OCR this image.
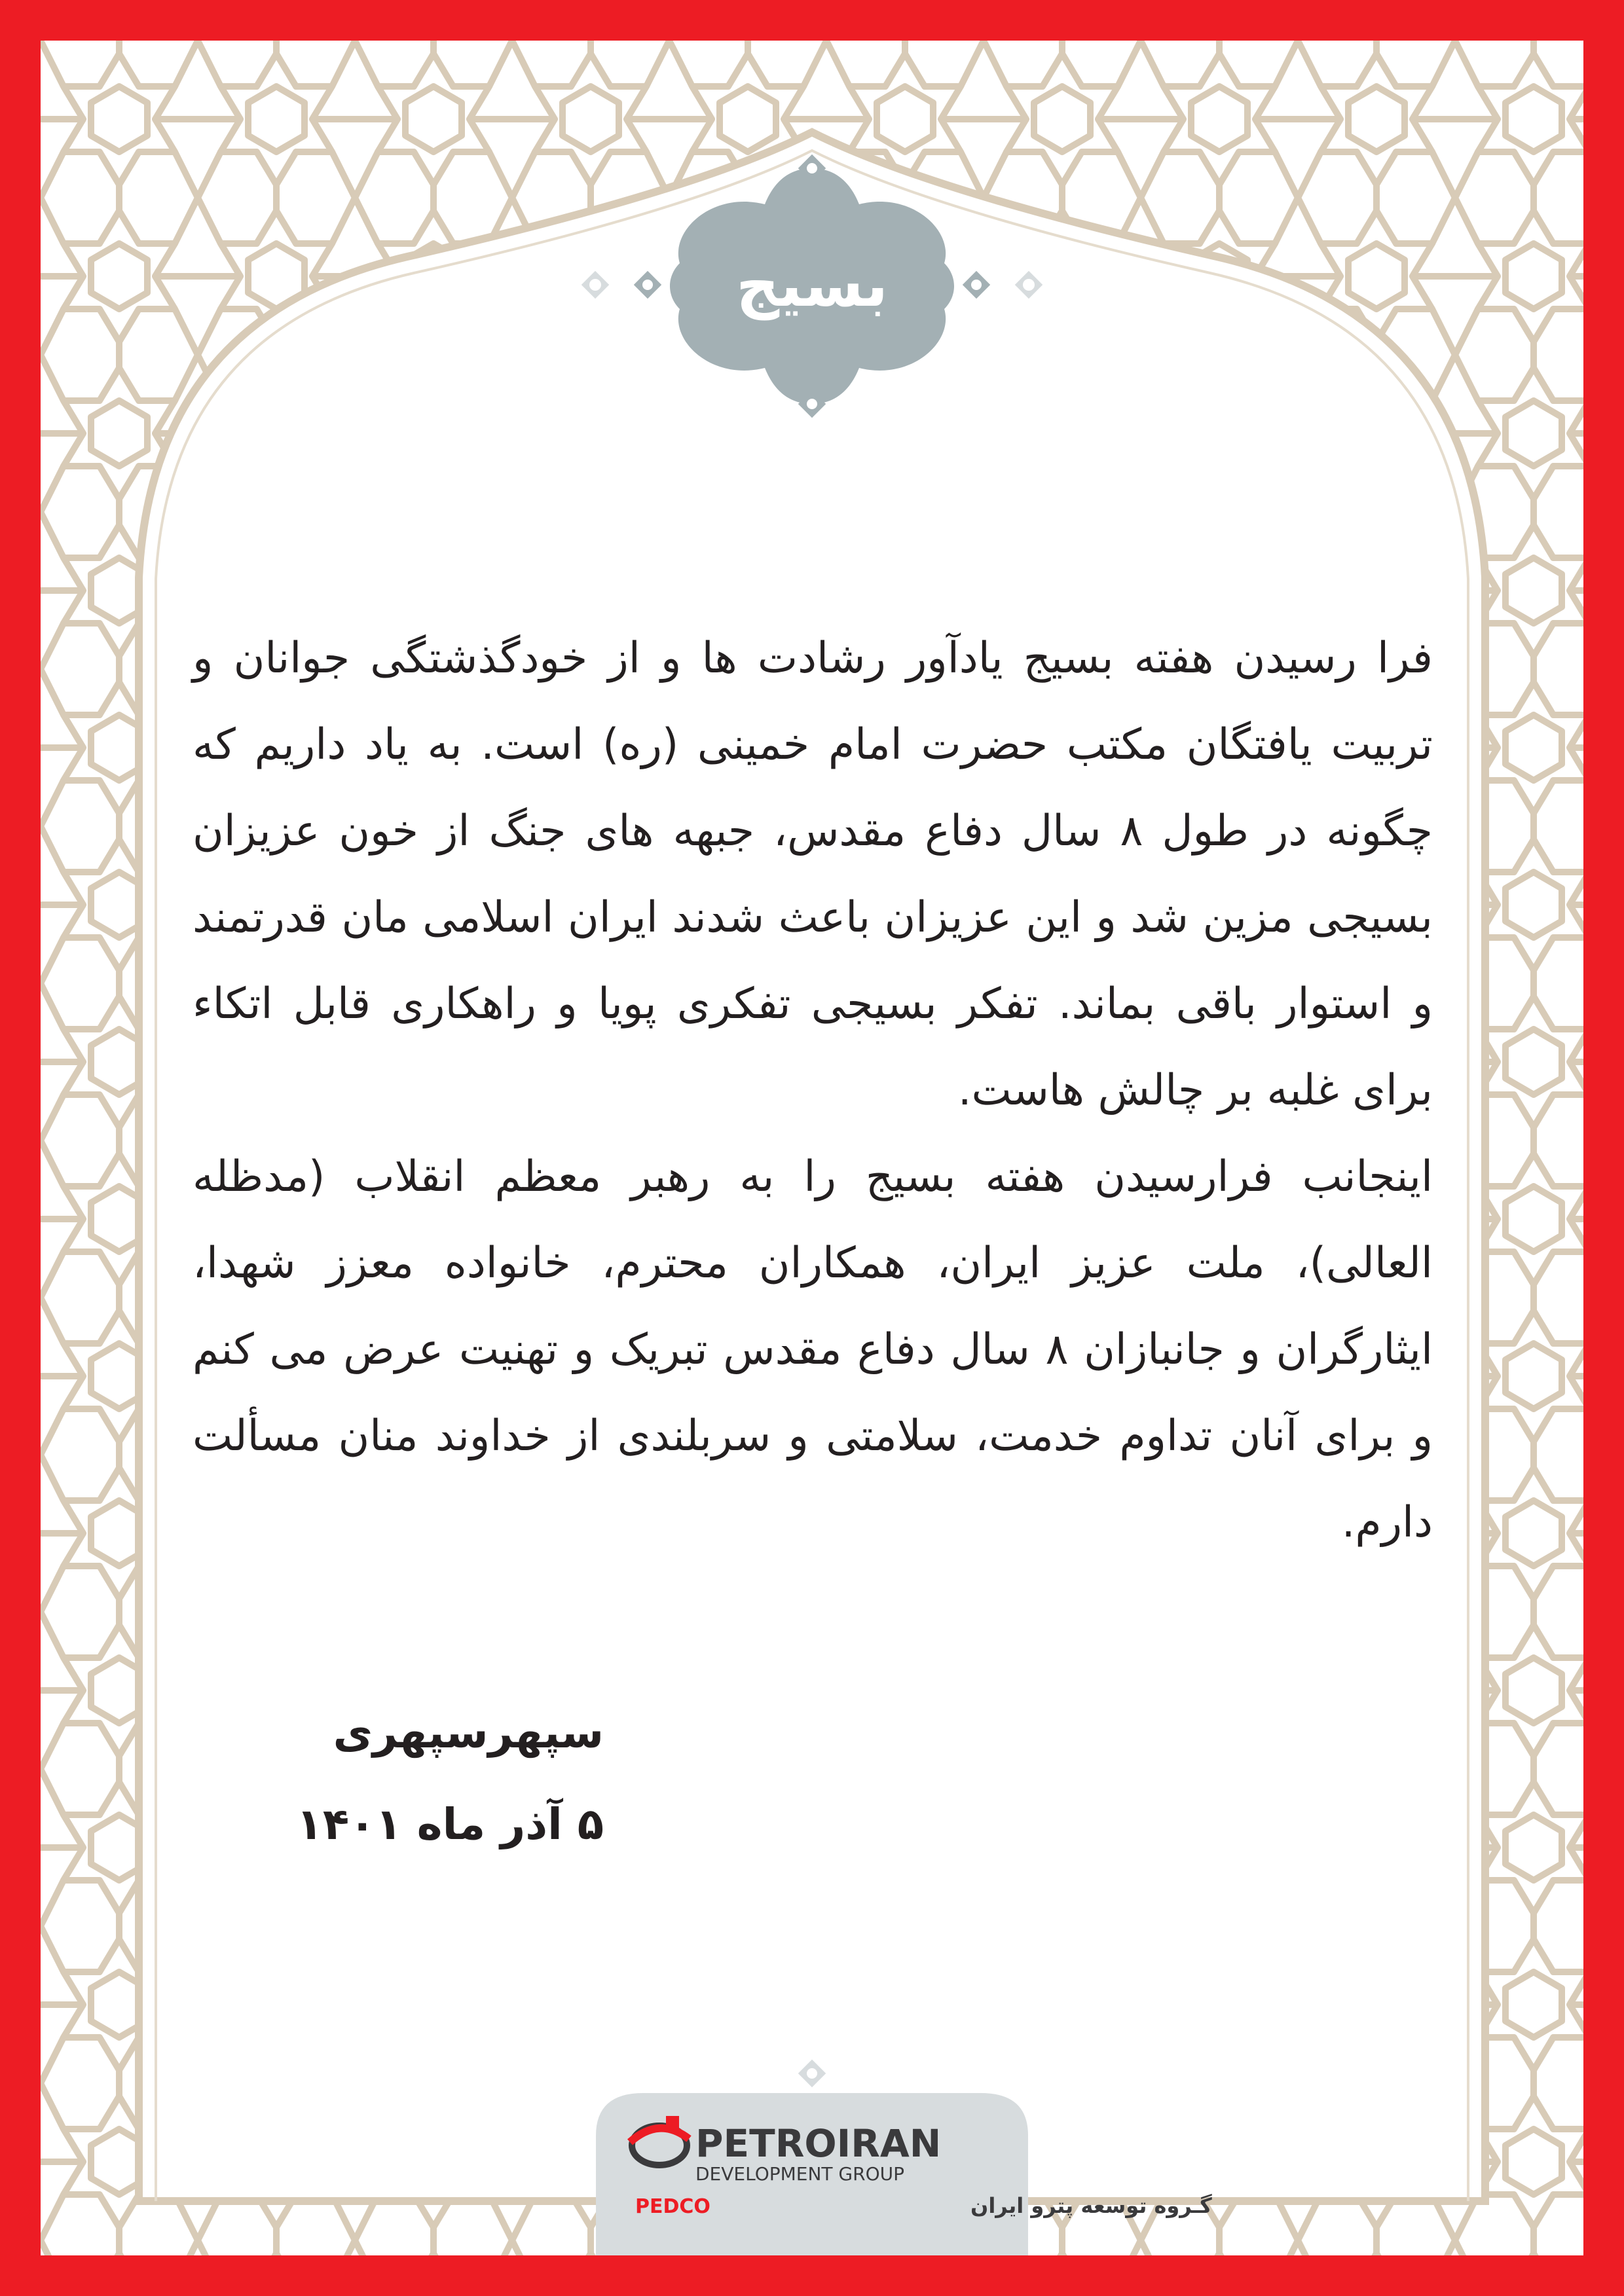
بسیج
PETROIRAN
DEVELOPMENT GROUP
PEDCO	گـروه توسعه پترو ایران

فرا رسیدن هفته بسیج یادآور رشادت ها و از خودگذشتگی جوانان و تربیت یافتگان مکتب حضرت امام خمینی (ره) است. به یاد داریم که چگونه در طول ۸ سال دفاع مقدس، جبهه های جنگ از خون عزیزان بسیجی مزین شد و این عزیزان باعث شدند ایران اسلامی مان قدرتمند و استوار باقی بماند. تفکر بسیجی تفکری پویا و راهکاری قابل اتکاء برای غلبه بر چالش هاست.

اینجانب فرارسیدن هفته بسیج را به رهبر معظم انقلاب (مدظله العالی)، ملت عزیز ایران، همکاران محترم، خانواده معزز شهدا، ایثارگران و جانبازان ۸ سال دفاع مقدس تبریک و تهنیت عرض می کنم و برای آنان تداوم خدمت، سلامتی و سربلندی از خداوند منان مسألت دارم.

سپهرسپهری
۵ آذر ماه ۱۴۰۱
